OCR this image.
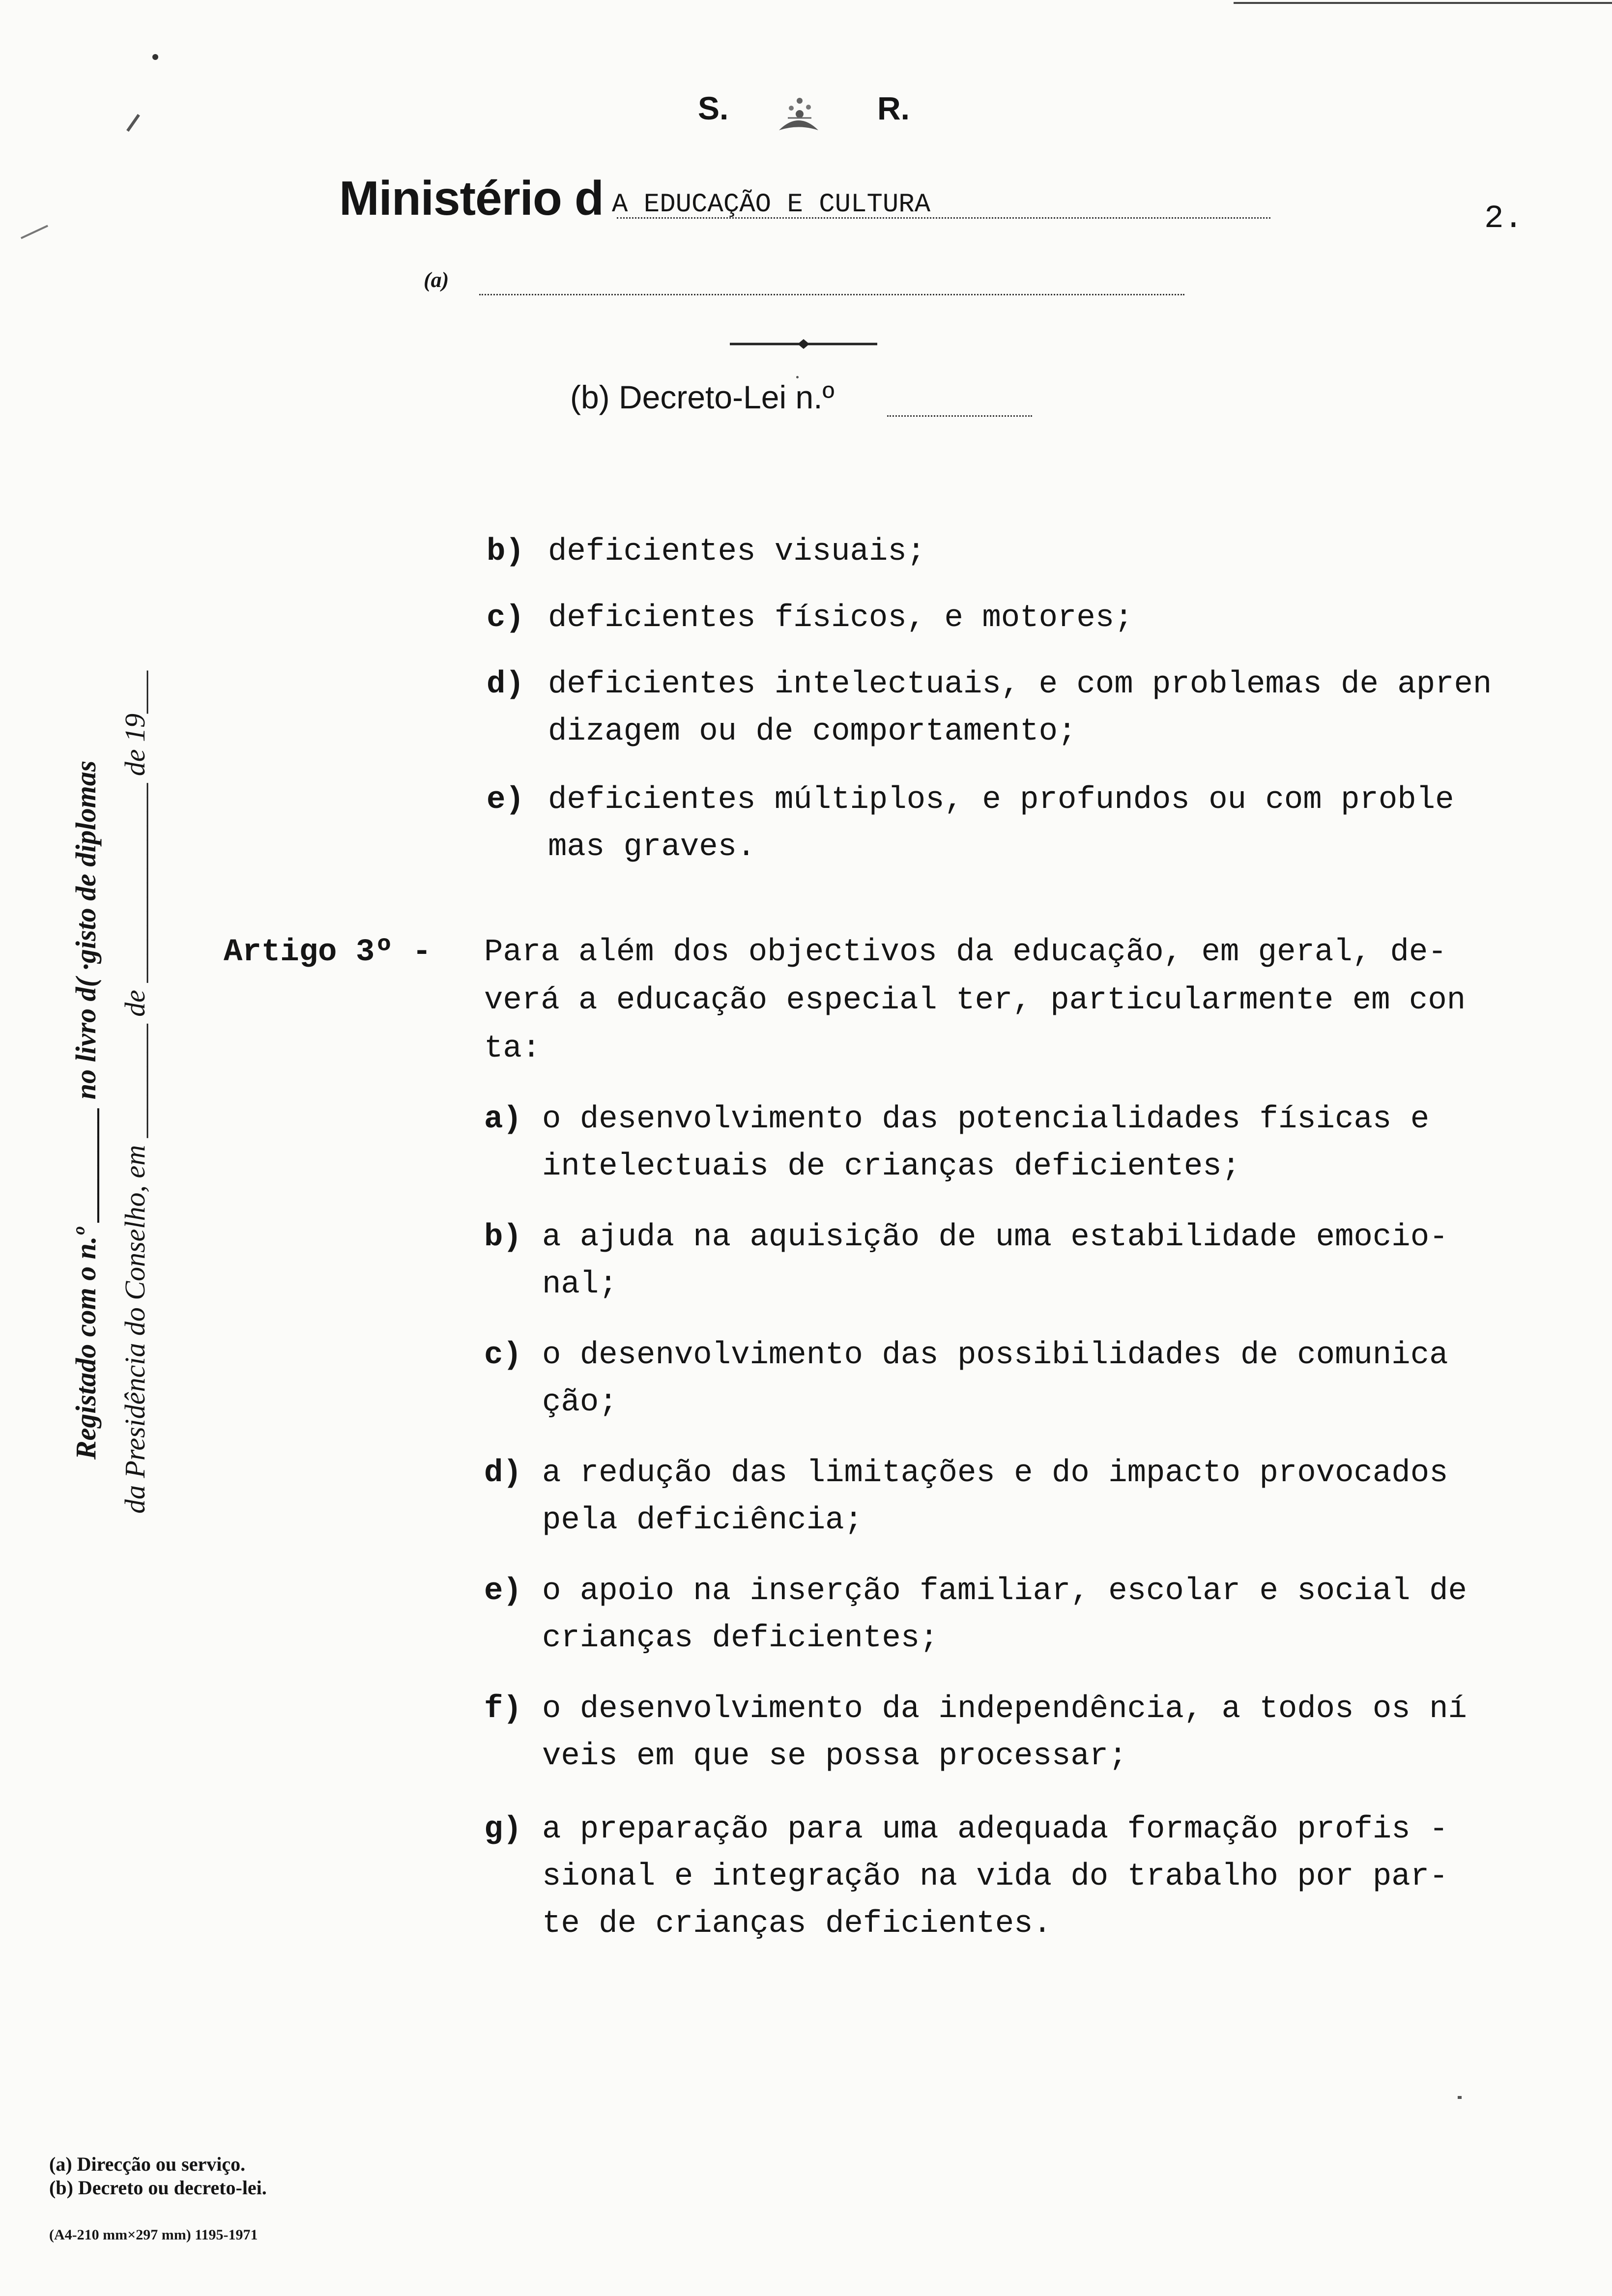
S.	R.
Ministério d A EDUCAÇÃO E CULTURA	2.
(a)
(b) Decreto-Lei n.º
Registado com o n.º ________ no livro d( ·gisto de diplomas da Presidência do Conselho, em ________ de ______________ de 19___
b) deficientes visuais;
c) deficientes físicos, e motores;
d) deficientes intelectuais, e com problemas de apren
dizagem ou de comportamento;
e) deficientes múltiplos, e profundos ou com proble
mas graves.
Artigo 3º - Para além dos objectivos da educação, em geral, de-
verá a educação especial ter, particularmente em con
ta:
a) o desenvolvimento das potencialidades físicas e
intelectuais de crianças deficientes;
b) a ajuda na aquisição de uma estabilidade emocio-
nal;
c) o desenvolvimento das possibilidades de comunica
ção;
d) a redução das limitações e do impacto provocados
pela deficiência;
e) o apoio na inserção familiar, escolar e social de
crianças deficientes;
f) o desenvolvimento da independência, a todos os ní
veis em que se possa processar;
g) a preparação para uma adequada formação profis -
sional e integração na vida do trabalho por par-
te de crianças deficientes.
(a) Direcção ou serviço.
(b) Decreto ou decreto-lei.
(A4-210 mm×297 mm) 1195-1971
